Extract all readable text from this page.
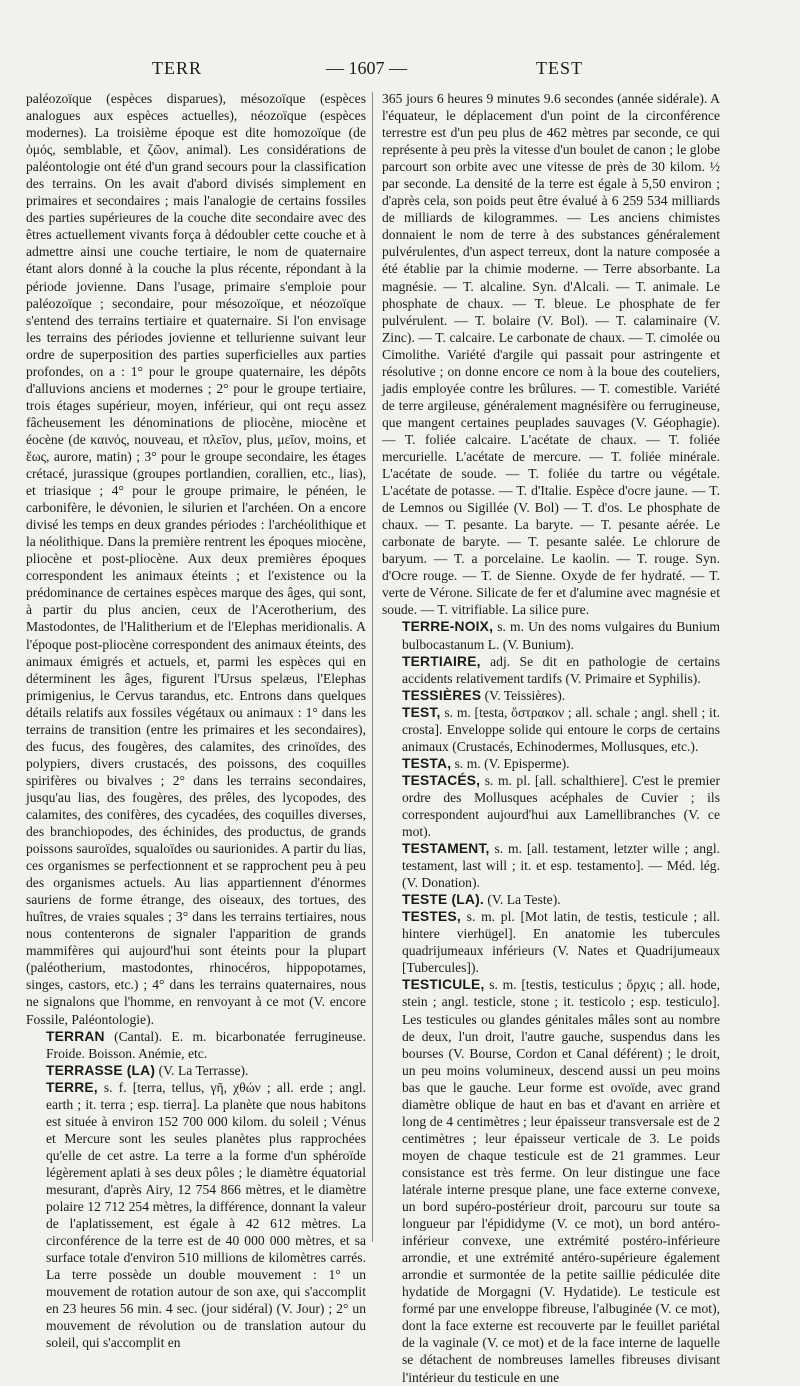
TERR	— 1607 —	TEST

paléozoïque (espèces disparues), mésozoïque (espèces analogues aux espèces actuelles), néozoïque (espèces modernes). La troisième époque est dite homozoïque (de ὁμός, semblable, et ζῶον, animal). Les considérations de paléontologie ont été d'un grand secours pour la classification des terrains. On les avait d'abord divisés simplement en primaires et secondaires ; mais l'analogie de certains fossiles des parties supérieures de la couche dite secondaire avec des êtres actuellement vivants força à dédoubler cette couche et à admettre ainsi une couche tertiaire, le nom de quaternaire étant alors donné à la couche la plus récente, répondant à la période jovienne. Dans l'usage, primaire s'emploie pour paléozoïque ; secondaire, pour mésozoïque, et néozoïque s'entend des terrains tertiaire et quaternaire. Si l'on envisage les terrains des périodes jovienne et tellurienne suivant leur ordre de superposition des parties superficielles aux parties profondes, on a : 1° pour le groupe quaternaire, les dépôts d'alluvions anciens et modernes ; 2° pour le groupe tertiaire, trois étages supérieur, moyen, inférieur, qui ont reçu assez fâcheusement les dénominations de pliocène, miocène et éocène (de καινός, nouveau, et πλεῖον, plus, μεῖον, moins, et ἕως, aurore, matin) ; 3° pour le groupe secondaire, les étages crétacé, jurassique (groupes portlandien, corallien, etc., lias), et triasique ; 4° pour le groupe primaire, le pénéen, le carbonifère, le dévonien, le silurien et l'archéen. On a encore divisé les temps en deux grandes périodes : l'archéolithique et la néolithique. Dans la première rentrent les époques miocène, pliocène et post-pliocène. Aux deux premières époques correspondent les animaux éteints ; et l'existence ou la prédominance de certaines espèces marque des âges, qui sont, à partir du plus ancien, ceux de l'Acerotherium, des Mastodontes, de l'Halitherium et de l'Elephas meridionalis. A l'époque post-pliocène correspondent des animaux éteints, des animaux émigrés et actuels, et, parmi les espèces qui en déterminent les âges, figurent l'Ursus spelæus, l'Elephas primigenius, le Cervus tarandus, etc. Entrons dans quelques détails relatifs aux fossiles végétaux ou animaux : 1° dans les terrains de transition (entre les primaires et les secondaires), des fucus, des fougères, des calamites, des crinoïdes, des polypiers, divers crustacés, des poissons, des coquilles spirifères ou bivalves ; 2° dans les terrains secondaires, jusqu'au lias, des fougères, des prêles, des lycopodes, des calamites, des conifères, des cycadées, des coquilles diverses, des branchiopodes, des échinides, des productus, de grands poissons sauroïdes, squaloïdes ou saurionides. A partir du lias, ces organismes se perfectionnent et se rapprochent peu à peu des organismes actuels. Au lias appartiennent d'énormes sauriens de forme étrange, des oiseaux, des tortues, des huîtres, de vraies squales ; 3° dans les terrains tertiaires, nous nous contenterons de signaler l'apparition de grands mammifères qui aujourd'hui sont éteints pour la plupart (paléotherium, mastodontes, rhinocéros, hippopotames, singes, castors, etc.) ; 4° dans les terrains quaternaires, nous ne signalons que l'homme, en renvoyant à ce mot (V. encore Fossile, Paléontologie).

TERRAN (Cantal). E. m. bicarbonatée ferrugineuse. Froide. Boisson. Anémie, etc.

TERRASSE (LA) (V. La Terrasse).

TERRE, s. f. [terra, tellus, γῆ, χθών ; all. erde ; angl. earth ; it. terra ; esp. tierra]. La planète que nous habitons est située à environ 152 700 000 kilom. du soleil ; Vénus et Mercure sont les seules planètes plus rapprochées qu'elle de cet astre. La terre a la forme d'un sphéroïde légèrement aplati à ses deux pôles ; le diamètre équatorial mesurant, d'après Airy, 12 754 866 mètres, et le diamètre polaire 12 712 254 mètres, la différence, donnant la valeur de l'aplatissement, est égale à 42 612 mètres. La circonférence de la terre est de 40 000 000 mètres, et sa surface totale d'environ 510 millions de kilomètres carrés. La terre possède un double mouvement : 1° un mouvement de rotation autour de son axe, qui s'accomplit en 23 heures 56 min. 4 sec. (jour sidéral) (V. Jour) ; 2° un mouvement de révolution ou de translation autour du soleil, qui s'accomplit en

365 jours 6 heures 9 minutes 9.6 secondes (année sidérale). A l'équateur, le déplacement d'un point de la circonférence terrestre est d'un peu plus de 462 mètres par seconde, ce qui représente à peu près la vitesse d'un boulet de canon ; le globe parcourt son orbite avec une vitesse de près de 30 kilom. ½ par seconde. La densité de la terre est égale à 5,50 environ ; d'après cela, son poids peut être évalué à 6 259 534 milliards de milliards de kilogrammes. — Les anciens chimistes donnaient le nom de terre à des substances généralement pulvérulentes, d'un aspect terreux, dont la nature composée a été établie par la chimie moderne. — Terre absorbante. La magnésie. — T. alcaline. Syn. d'Alcali. — T. animale. Le phosphate de chaux. — T. bleue. Le phosphate de fer pulvérulent. — T. bolaire (V. Bol). — T. calaminaire (V. Zinc). — T. calcaire. Le carbonate de chaux. — T. cimolée ou Cimolithe. Variété d'argile qui passait pour astringente et résolutive ; on donne encore ce nom à la boue des couteliers, jadis employée contre les brûlures. — T. comestible. Variété de terre argileuse, généralement magnésifère ou ferrugineuse, que mangent certaines peuplades sauvages (V. Géophagie). — T. foliée calcaire. L'acétate de chaux. — T. foliée mercurielle. L'acétate de mercure. — T. foliée minérale. L'acétate de soude. — T. foliée du tartre ou végétale. L'acétate de potasse. — T. d'Italie. Espèce d'ocre jaune. — T. de Lemnos ou Sigillée (V. Bol) — T. d'os. Le phosphate de chaux. — T. pesante. La baryte. — T. pesante aérée. Le carbonate de baryte. — T. pesante salée. Le chlorure de baryum. — T. a porcelaine. Le kaolin. — T. rouge. Syn. d'Ocre rouge. — T. de Sienne. Oxyde de fer hydraté. — T. verte de Vérone. Silicate de fer et d'alumine avec magnésie et soude. — T. vitrifiable. La silice pure.

TERRE-NOIX, s. m. Un des noms vulgaires du Bunium bulbocastanum L. (V. Bunium).

TERTIAIRE, adj. Se dit en pathologie de certains accidents relativement tardifs (V. Primaire et Syphilis).

TESSIÈRES (V. Teissières).

TEST, s. m. [testa, ὄστρακον ; all. schale ; angl. shell ; it. crosta]. Enveloppe solide qui entoure le corps de certains animaux (Crustacés, Echinodermes, Mollusques, etc.).

TESTA, s. m. (V. Episperme).

TESTACÉS, s. m. pl. [all. schalthiere]. C'est le premier ordre des Mollusques acéphales de Cuvier ; ils correspondent aujourd'hui aux Lamellibranches (V. ce mot).

TESTAMENT, s. m. [all. testament, letzter wille ; angl. testament, last will ; it. et esp. testamento]. — Méd. lég. (V. Donation).

TESTE (LA). (V. La Teste).

TESTES, s. m. pl. [Mot latin, de testis, testicule ; all. hintere vierhügel]. En anatomie les tubercules quadrijumeaux inférieurs (V. Nates et Quadrijumeaux [Tubercules]).

TESTICULE, s. m. [testis, testiculus ; ὄρχις ; all. hode, stein ; angl. testicle, stone ; it. testicolo ; esp. testiculo]. Les testicules ou glandes génitales mâles sont au nombre de deux, l'un droit, l'autre gauche, suspendus dans les bourses (V. Bourse, Cordon et Canal déférent) ; le droit, un peu moins volumineux, descend aussi un peu moins bas que le gauche. Leur forme est ovoïde, avec grand diamètre oblique de haut en bas et d'avant en arrière et long de 4 centimètres ; leur épaisseur transversale est de 2 centimètres ; leur épaisseur verticale de 3. Le poids moyen de chaque testicule est de 21 grammes. Leur consistance est très ferme. On leur distingue une face latérale interne presque plane, une face externe convexe, un bord supéro-postérieur droit, parcouru sur toute sa longueur par l'épididyme (V. ce mot), un bord antéro-inférieur convexe, une extrémité postéro-inférieure arrondie, et une extrémité antéro-supérieure également arrondie et surmontée de la petite saillie pédiculée dite hydatide de Morgagni (V. Hydatide). Le testicule est formé par une enveloppe fibreuse, l'albuginée (V. ce mot), dont la face externe est recouverte par le feuillet pariétal de la vaginale (V. ce mot) et de la face interne de laquelle se détachent de nombreuses lamelles fibreuses divisant l'intérieur du testicule en une
